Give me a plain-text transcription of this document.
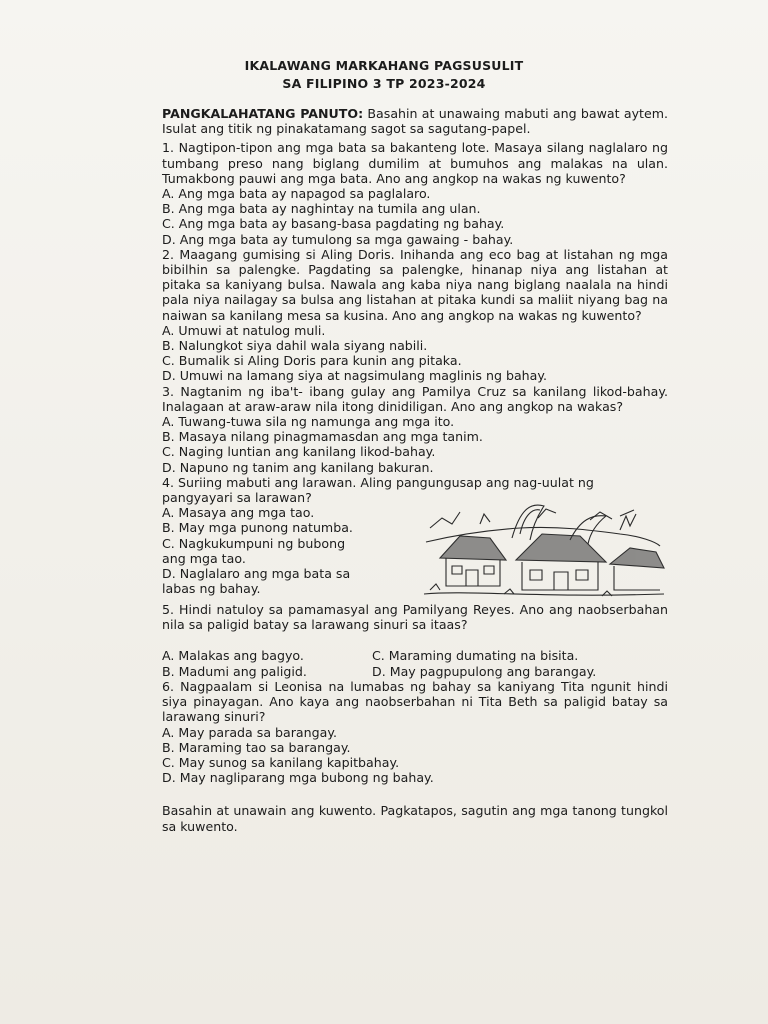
IKALAWANG MARKAHANG PAGSUSULIT
SA FILIPINO 3 TP 2023-2024

PANGKALAHATANG PANUTO: Basahin at unawaing mabuti ang bawat aytem. Isulat ang titik ng pinakatamang sagot sa sagutang-papel.

1. Nagtipon-tipon ang mga bata sa bakanteng lote. Masaya silang naglalaro ng tumbang preso nang biglang dumilim at bumuhos ang malakas na ulan. Tumakbong pauwi ang mga bata. Ano ang angkop na wakas ng kuwento?

A. Ang mga bata ay napagod sa paglalaro.

B. Ang mga bata ay naghintay na tumila ang ulan.

C. Ang mga bata ay basang-basa pagdating ng bahay.

D. Ang mga bata ay tumulong sa mga gawaing - bahay.

2. Maagang gumising si Aling Doris. Inihanda ang eco bag at listahan ng mga bibilhin sa palengke. Pagdating sa palengke, hinanap niya ang listahan at pitaka sa kaniyang bulsa. Nawala ang kaba niya nang biglang naalala na hindi pala niya nailagay sa bulsa ang listahan at pitaka kundi sa maliit niyang bag na naiwan sa kanilang mesa sa kusina. Ano ang angkop na wakas ng kuwento?

A. Umuwi at natulog muli.

B. Nalungkot siya dahil wala siyang nabili.

C. Bumalik si Aling Doris para kunin ang pitaka.

D. Umuwi na lamang siya at nagsimulang maglinis ng bahay.

3. Nagtanim ng iba't- ibang gulay ang Pamilya Cruz sa kanilang likod-bahay. Inalagaan at araw-araw nila itong dinidiligan. Ano ang angkop na wakas?

A. Tuwang-tuwa sila ng namunga ang mga ito.

B. Masaya nilang pinagmamasdan ang mga tanim.

C. Naging luntian ang kanilang likod-bahay.

D. Napuno ng tanim ang kanilang bakuran.

4. Suriing mabuti ang larawan. Aling pangungusap ang nag-uulat ng

pangyayari sa larawan?

A. Masaya ang mga tao.

B. May mga punong natumba.

C. Nagkukumpuni ng bubong

ang mga tao.

D. Naglalaro ang mga bata sa

labas ng bahay.

5. Hindi natuloy sa pamamasyal ang Pamilyang Reyes. Ano ang naobserbahan nila sa paligid batay sa larawang sinuri sa itaas?

A. Malakas ang bagyo.	C. Maraming dumating na bisita.
B. Madumi ang paligid.	D. May pagpupulong ang barangay.

6. Nagpaalam si Leonisa na lumabas ng bahay sa kaniyang Tita ngunit hindi siya pinayagan. Ano kaya ang naobserbahan ni Tita Beth sa paligid batay sa larawang sinuri?

A. May parada sa barangay.

B. Maraming tao sa barangay.

C. May sunog sa kanilang kapitbahay.

D. May nagliparang mga bubong ng bahay.

Basahin at unawain ang kuwento. Pagkatapos, sagutin ang mga tanong tungkol sa kuwento.
